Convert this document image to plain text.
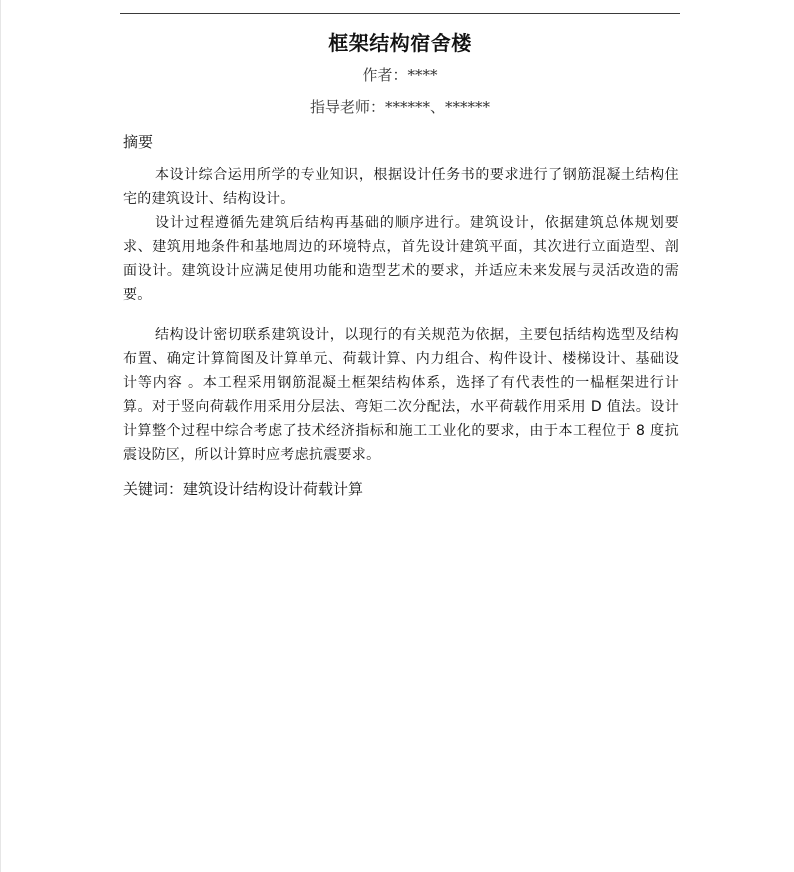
框架结构宿舍楼
作者：****
指导老师：******、******
摘要

本设计综合运用所学的专业知识，根据设计任务书的要求进行了钢筋混凝土结构住宅的建筑设计、结构设计。

设计过程遵循先建筑后结构再基础的顺序进行。建筑设计，依据建筑总体规划要求、建筑用地条件和基地周边的环境特点，首先设计建筑平面，其次进行立面造型、剖面设计。建筑设计应满足使用功能和造型艺术的要求，并适应未来发展与灵活改造的需要。

结构设计密切联系建筑设计，以现行的有关规范为依据，主要包括结构选型及结构布置、确定计算简图及计算单元、荷载计算、内力组合、构件设计、楼梯设计、基础设计等内容 。本工程采用钢筋混凝土框架结构体系，选择了有代表性的一榀框架进行计算。对于竖向荷载作用采用分层法、弯矩二次分配法，水平荷载作用采用 D 值法。设计计算整个过程中综合考虑了技术经济指标和施工工业化的要求，由于本工程位于 8 度抗震设防区，所以计算时应考虑抗震要求。

关键词：建筑设计结构设计荷载计算
